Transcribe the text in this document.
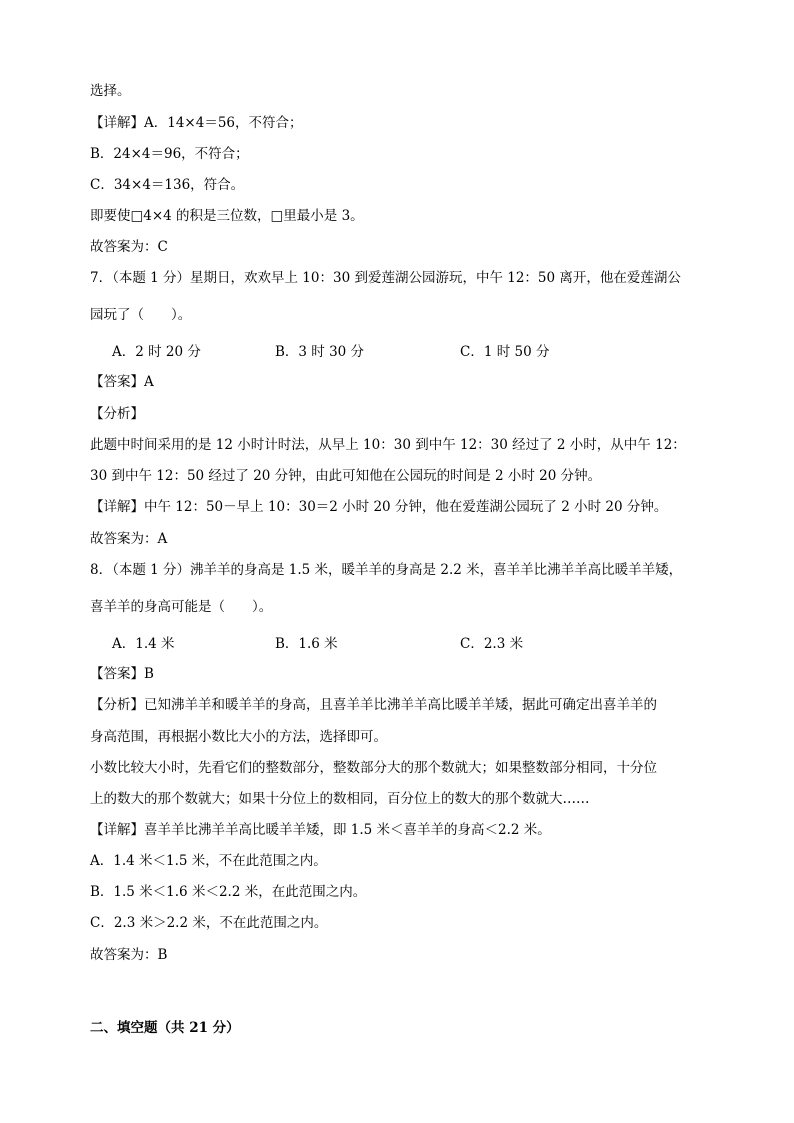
选择。
【详解】A．14×4＝56，不符合；
B．24×4＝96，不符合；
C．34×4＝136，符合。
即要使□4×4 的积是三位数，□里最小是 3。
故答案为：C
7．（本题 1 分）星期日，欢欢早上 10：30 到爱莲湖公园游玩，中午 12：50 离开，他在爱莲湖公
园玩了（　　）。
A．2 时 20 分	B．3 时 30 分	C．1 时 50 分
【答案】A
【分析】
此题中时间采用的是 12 小时计时法，从早上 10：30 到中午 12：30 经过了 2 小时，从中午 12：
30 到中午 12：50 经过了 20 分钟，由此可知他在公园玩的时间是 2 小时 20 分钟。
【详解】中午 12：50－早上 10：30＝2 小时 20 分钟，他在爱莲湖公园玩了 2 小时 20 分钟。
故答案为：A
8．（本题 1 分）沸羊羊的身高是 1.5 米，暖羊羊的身高是 2.2 米，喜羊羊比沸羊羊高比暖羊羊矮，
喜羊羊的身高可能是（　　）。
A．1.4 米	B．1.6 米	C．2.3 米
【答案】B
【分析】已知沸羊羊和暖羊羊的身高，且喜羊羊比沸羊羊高比暖羊羊矮，据此可确定出喜羊羊的
身高范围，再根据小数比大小的方法，选择即可。
小数比较大小时，先看它们的整数部分，整数部分大的那个数就大；如果整数部分相同，十分位
上的数大的那个数就大；如果十分位上的数相同，百分位上的数大的那个数就大……
【详解】喜羊羊比沸羊羊高比暖羊羊矮，即 1.5 米＜喜羊羊的身高＜2.2 米。
A．1.4 米＜1.5 米，不在此范围之内。
B．1.5 米＜1.6 米＜2.2 米，在此范围之内。
C．2.3 米＞2.2 米，不在此范围之内。
故答案为：B
二、填空题（共 21 分）
